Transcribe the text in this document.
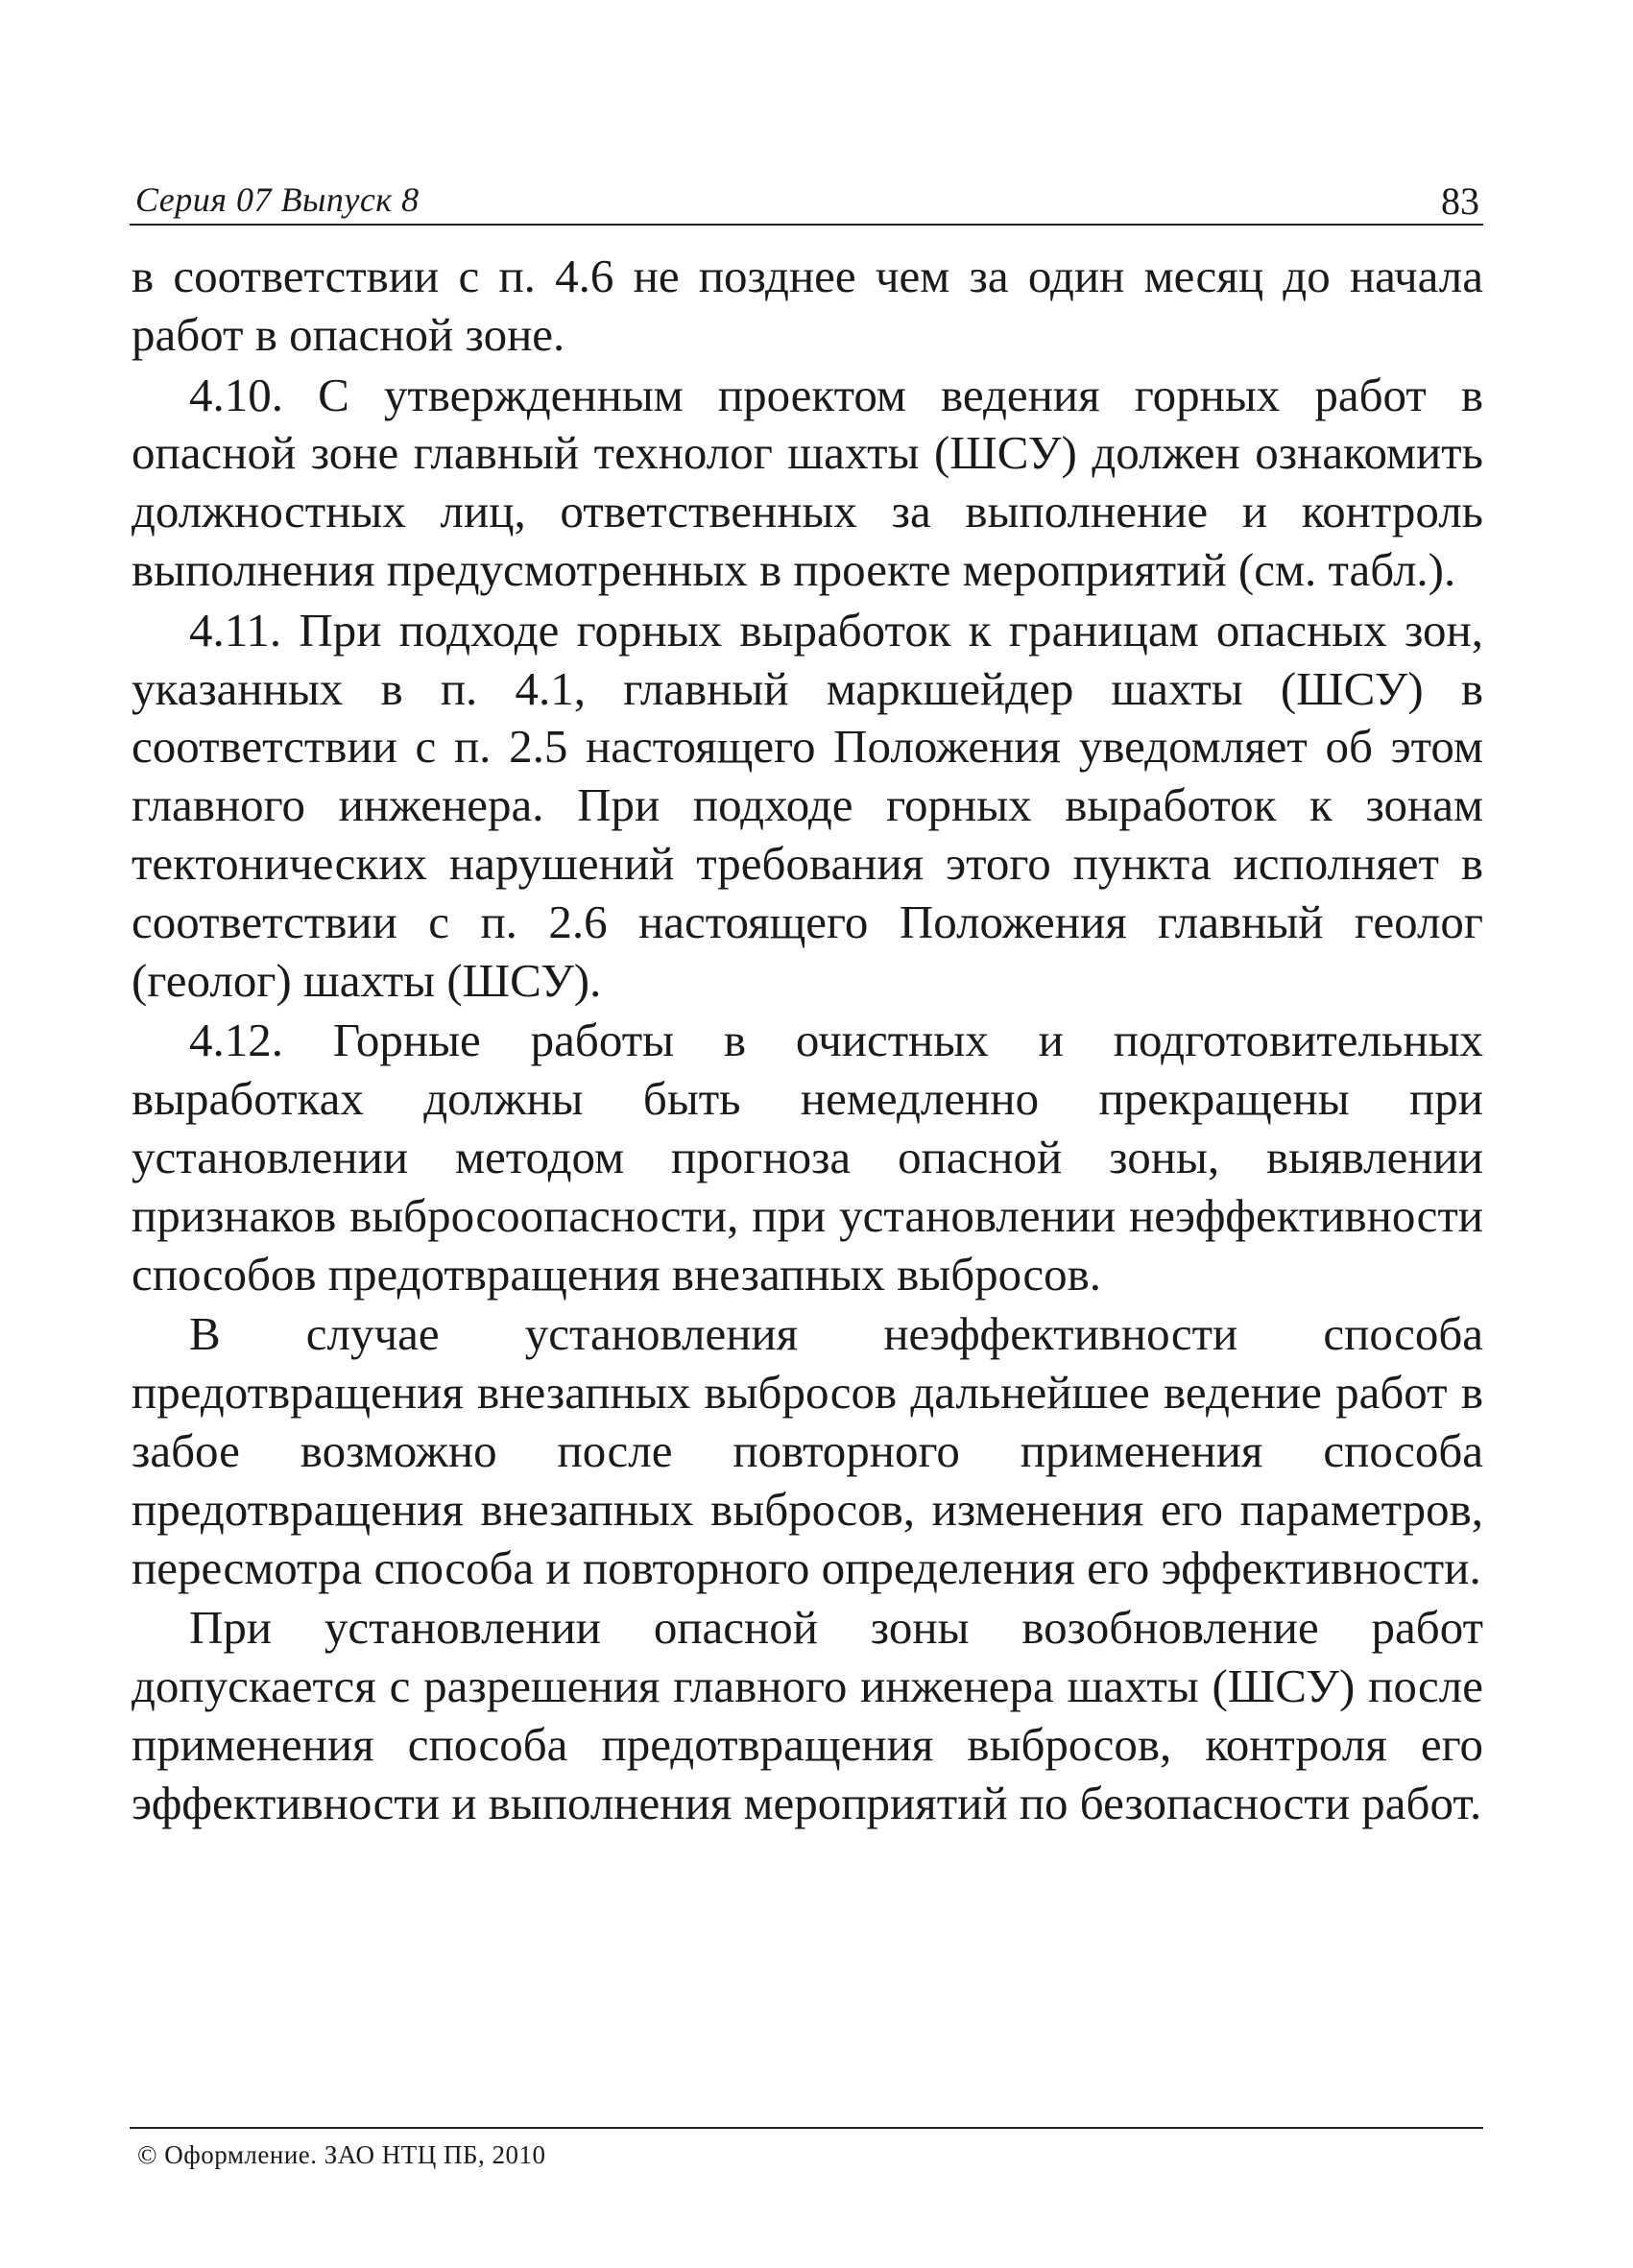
Серия 07 Выпуск 8	83

в соответствии с п. 4.6 не позднее чем за один месяц до начала работ в опасной зоне.

4.10. С утвержденным проектом ведения горных работ в опасной зоне главный технолог шахты (ШСУ) должен ознакомить должностных лиц, ответственных за выполнение и контроль выполнения предусмотренных в проекте мероприятий (см. табл.).

4.11. При подходе горных выработок к границам опасных зон, указанных в п. 4.1, главный маркшейдер шахты (ШСУ) в соответствии с п. 2.5 настоящего Положения уведомляет об этом главного инженера. При подходе горных выработок к зонам тектонических нарушений требования этого пункта исполняет в соответствии с п. 2.6 настоящего Положения главный геолог (геолог) шахты (ШСУ).

4.12. Горные работы в очистных и подготовительных выработках должны быть немедленно прекращены при установлении методом прогноза опасной зоны, выявлении признаков выбросоопасности, при установлении неэффективности способов предотвращения внезапных выбросов.

В случае установления неэффективности способа предотвращения внезапных выбросов дальнейшее ведение работ в забое возможно после повторного применения способа предотвращения внезапных выбросов, изменения его параметров, пересмотра способа и повторного определения его эффективности.

При установлении опасной зоны возобновление работ допускается с разрешения главного инженера шахты (ШСУ) после применения способа предотвращения выбросов, контроля его эффективности и выполнения мероприятий по безопасности работ.

© Оформление. ЗАО НТЦ ПБ, 2010
